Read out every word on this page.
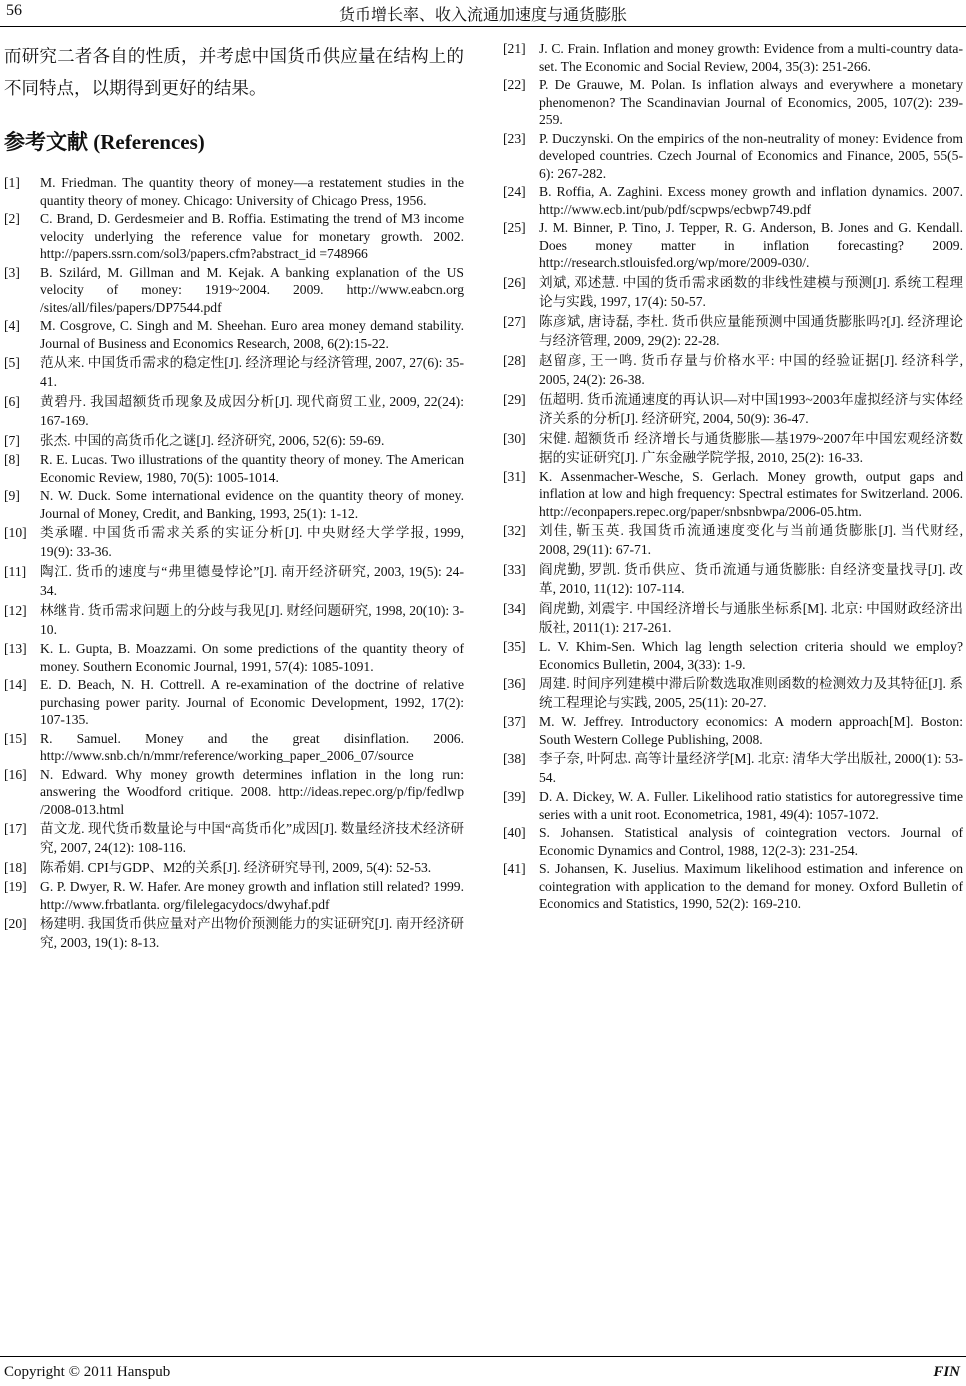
56	货币增长率、收入流通加速度与通货膨胀

而研究二者各自的性质，并考虑中国货币供应量在结构上的不同特点，以期得到更好的结果。

参考文献 (References)
[1]	M. Friedman. The quantity theory of money—a restatement studies in the quantity theory of money. Chicago: University of Chicago Press, 1956.
[2]	C. Brand, D. Gerdesmeier and B. Roffia. Estimating the trend of M3 income velocity underlying the reference value for monetary growth. 2002. http://papers.ssrn.com/sol3/papers.cfm?abstract_id =748966
[3]	B. Szilárd, M. Gillman and M. Kejak. A banking explanation of the US velocity of money: 1919~2004. 2009. http://www.eabcn.org /sites/all/files/papers/DP7544.pdf
[4]	M. Cosgrove, C. Singh and M. Sheehan. Euro area money demand stability. Journal of Business and Economics Research, 2008, 6(2):15-22.
[5]	范从来. 中国货币需求的稳定性[J]. 经济理论与经济管理, 2007, 27(6): 35-41.
[6]	黄碧丹. 我国超额货币现象及成因分析[J]. 现代商贸工业, 2009, 22(24): 167-169.
[7]	张杰. 中国的高货币化之谜[J]. 经济研究, 2006, 52(6): 59-69.
[8]	R. E. Lucas. Two illustrations of the quantity theory of money. The American Economic Review, 1980, 70(5): 1005-1014.
[9]	N. W. Duck. Some international evidence on the quantity theory of money. Journal of Money, Credit, and Banking, 1993, 25(1): 1-12.
[10] 类承曜. 中国货币需求关系的实证分析[J]. 中央财经大学学报, 1999, 19(9): 33-36.
[11]	陶江. 货币的速度与“弗里德曼悖论”[J]. 南开经济研究, 2003, 19(5): 24-34.
[12] 林继肯. 货币需求问题上的分歧与我见[J]. 财经问题研究, 1998, 20(10): 3-10.
[13] K. L. Gupta, B. Moazzami. On some predictions of the quantity theory of money. Southern Economic Journal, 1991, 57(4): 1085-1091.
[14] E. D. Beach, N. H. Cottrell. A re-examination of the doctrine of relative purchasing power parity. Journal of Economic Development, 1992, 17(2): 107-135.
[15] R. Samuel. Money and the great disinflation. 2006. http://www.snb.ch/n/mmr/reference/working_paper_2006_07/source
[16] N. Edward. Why money growth determines inflation in the long run: answering the Woodford critique. 2008. http://ideas.repec.org/p/fip/fedlwp /2008-013.html
[17] 苗文龙. 现代货币数量论与中国“高货币化”成因[J]. 数量经济技术经济研究, 2007, 24(12): 108-116.
[18] 陈希娟. CPI与GDP、M2的关系[J]. 经济研究导刊, 2009, 5(4): 52-53.
[19] G. P. Dwyer, R. W. Hafer. Are money growth and inflation still related? 1999. http://www.frbatlanta. org/filelegacydocs/dwyhaf.pdf
[20] 杨建明. 我国货币供应量对产出物价预测能力的实证研究[J]. 南开经济研究, 2003, 19(1): 8-13.
[21] J. C. Frain. Inflation and money growth: Evidence from a multi-country data-set. The Economic and Social Review, 2004, 35(3): 251-266.
[22] P. De Grauwe, M. Polan. Is inflation always and everywhere a monetary phenomenon? The Scandinavian Journal of Economics, 2005, 107(2): 239-259.
[23] P. Duczynski. On the empirics of the non-neutrality of money: Evidence from developed countries. Czech Journal of Economics and Finance, 2005, 55(5-6): 267-282.
[24] B. Roffia, A. Zaghini. Excess money growth and inflation dynamics. 2007. http://www.ecb.int/pub/pdf/scpwps/ecbwp749.pdf
[25] J. M. Binner, P. Tino, J. Tepper, R. G. Anderson, B. Jones and G. Kendall. Does money matter in inflation forecasting? 2009. http://research.stlouisfed.org/wp/more/2009-030/.
[26] 刘斌, 邓述慧. 中国的货币需求函数的非线性建模与预测[J]. 系统工程理论与实践, 1997, 17(4): 50-57.
[27] 陈彦斌, 唐诗磊, 李杜. 货币供应量能预测中国通货膨胀吗?[J]. 经济理论与经济管理, 2009, 29(2): 22-28.
[28] 赵留彦, 王一鸣. 货币存量与价格水平: 中国的经验证据[J]. 经济科学, 2005, 24(2): 26-38.
[29] 伍超明. 货币流通速度的再认识—对中国1993~2003年虚拟经济与实体经济关系的分析[J]. 经济研究, 2004, 50(9): 36-47.
[30] 宋健. 超额货币 经济增长与通货膨胀—基1979~2007年中国宏观经济数据的实证研究[J]. 广东金融学院学报, 2010, 25(2): 16-33.
[31] K. Assenmacher-Wesche, S. Gerlach. Money growth, output gaps and inflation at low and high frequency: Spectral estimates for Switzerland. 2006. http://econpapers.repec.org/paper/snbsnbwpa/2006-05.htm.
[32] 刘佳, 靳玉英. 我国货币流通速度变化与当前通货膨胀[J]. 当代财经, 2008, 29(11): 67-71.
[33] 阎虎勤, 罗凯. 货币供应、货币流通与通货膨胀: 自经济变量找寻[J]. 改革, 2010, 11(12): 107-114.
[34] 阎虎勤, 刘震宇. 中国经济增长与通胀坐标系[M]. 北京: 中国财政经济出版社, 2011(1): 217-261.
[35] L. V. Khim-Sen. Which lag length selection criteria should we employ? Economics Bulletin, 2004, 3(33): 1-9.
[36] 周建. 时间序列建模中滞后阶数选取准则函数的检测效力及其特征[J]. 系统工程理论与实践, 2005, 25(11): 20-27.
[37] M. W. Jeffrey. Introductory economics: A modern approach[M]. Boston: South Western College Publishing, 2008.
[38] 李子奈, 叶阿忠. 高等计量经济学[M]. 北京: 清华大学出版社, 2000(1): 53-54.
[39] D. A. Dickey, W. A. Fuller. Likelihood ratio statistics for autoregressive time series with a unit root. Econometrica, 1981, 49(4): 1057-1072.
[40] S. Johansen. Statistical analysis of cointegration vectors. Journal of Economic Dynamics and Control, 1988, 12(2-3): 231-254.
[41] S. Johansen, K. Juselius. Maximum likelihood estimation and inference on cointegration with application to the demand for money. Oxford Bulletin of Economics and Statistics, 1990, 52(2): 169-210.
Copyright © 2011 Hanspub	FIN
